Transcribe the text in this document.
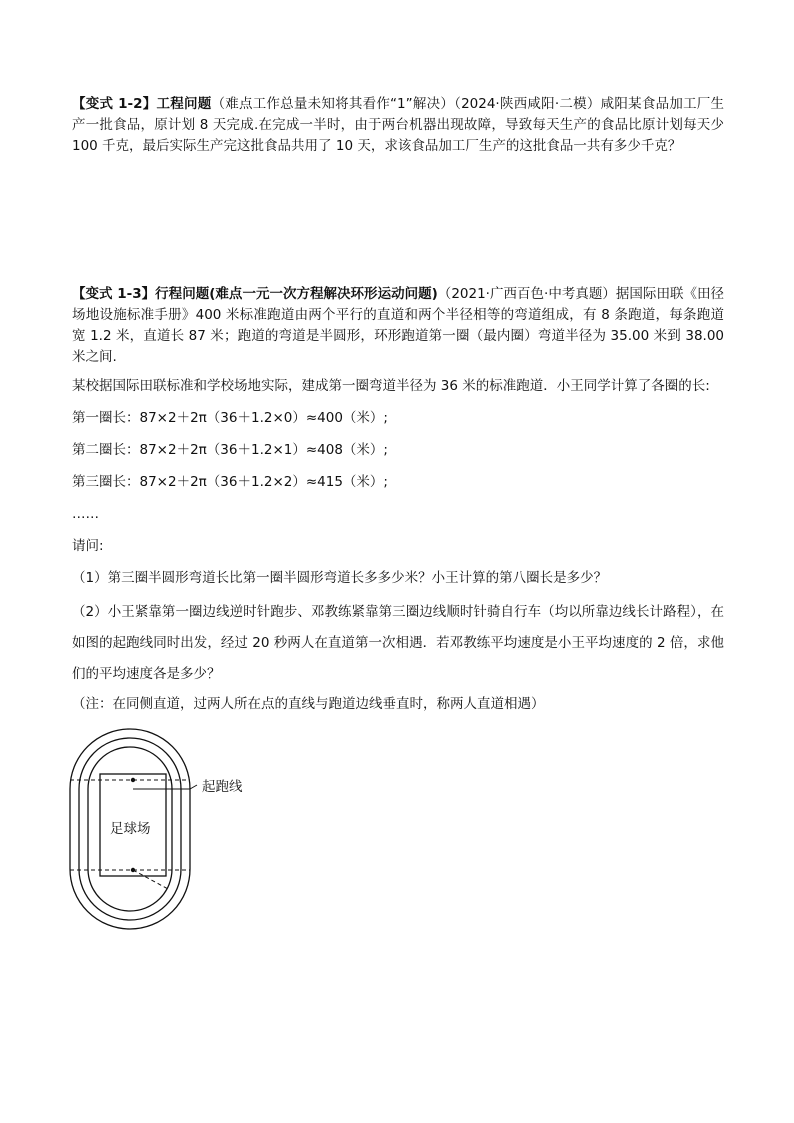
【变式 1-2】工程问题（难点工作总量未知将其看作“1”解决）（2024·陕西咸阳·二模）咸阳某食品加工厂生产一批食品，原计划 8 天完成.在完成一半时，由于两台机器出现故障，导致每天生产的食品比原计划每天少 100 千克，最后实际生产完这批食品共用了 10 天，求该食品加工厂生产的这批食品一共有多少千克？

【变式 1-3】行程问题(难点一元一次方程解决环形运动问题)（2021·广西百色·中考真题）据国际田联《田径场地设施标准手册》400 米标准跑道由两个平行的直道和两个半径相等的弯道组成，有 8 条跑道，每条跑道宽 1.2 米，直道长 87 米；跑道的弯道是半圆形，环形跑道第一圈（最内圈）弯道半径为 35.00 米到 38.00 米之间.

某校据国际田联标准和学校场地实际，建成第一圈弯道半径为 36 米的标准跑道．小王同学计算了各圈的长:
第一圈长：87×2＋2π（36＋1.2×0）≈400（米）;
第二圈长：87×2＋2π（36＋1.2×1）≈408（米）;
第三圈长：87×2＋2π（36＋1.2×2）≈415（米）;
……
请问:
（1）第三圈半圆形弯道长比第一圈半圆形弯道长多多少米？小王计算的第八圈长是多少？

（2）小王紧靠第一圈边线逆时针跑步、邓教练紧靠第三圈边线顺时针骑自行车（均以所靠边线长计路程），在如图的起跑线同时出发，经过 20 秒两人在直道第一次相遇．若邓教练平均速度是小王平均速度的 2 倍，求他们的平均速度各是多少？

（注：在同侧直道，过两人所在点的直线与跑道边线垂直时，称两人直道相遇）
起跑线
足球场
